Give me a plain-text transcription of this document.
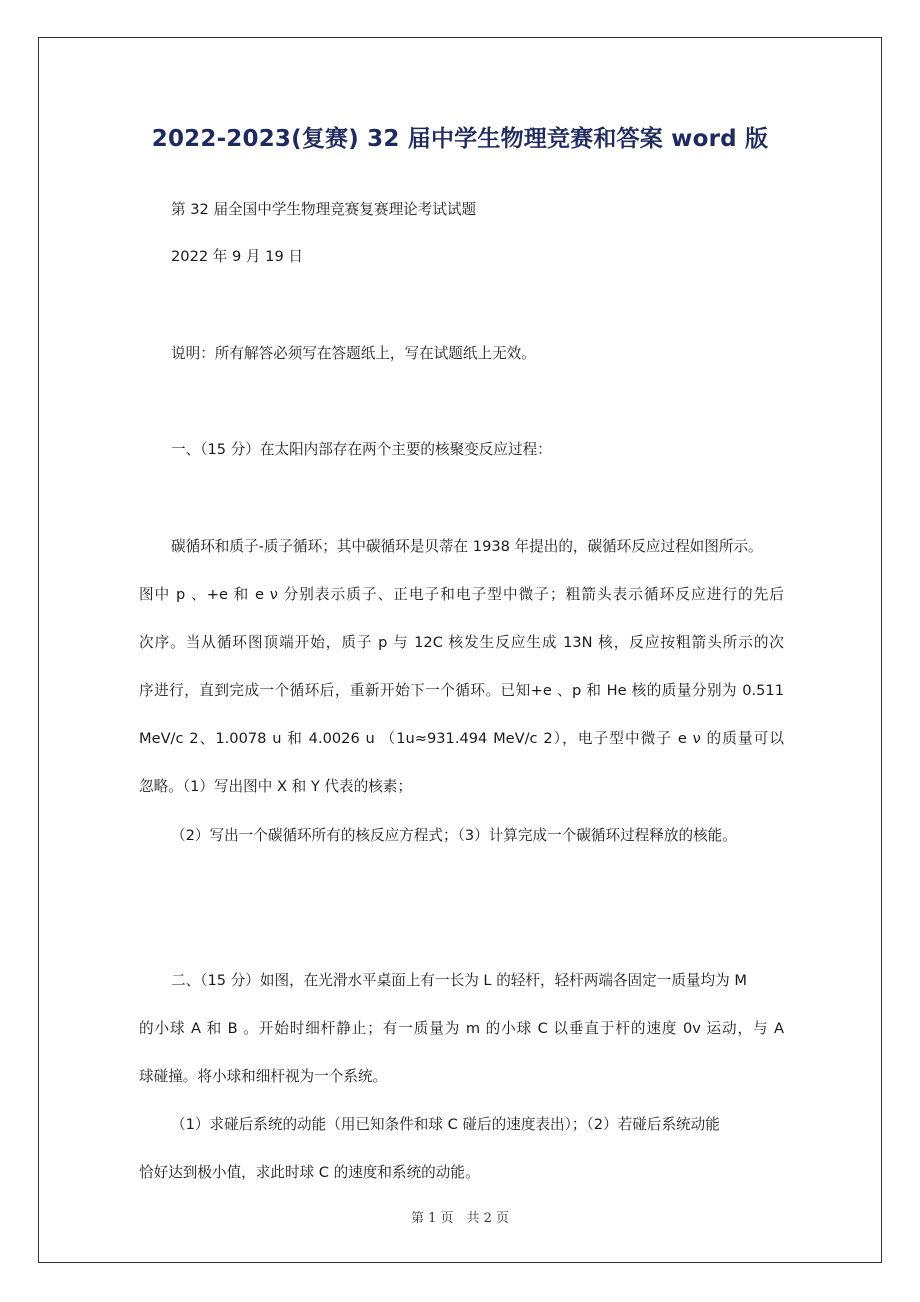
2022-2023(复赛) 32 届中学生物理竞赛和答案 word 版
第 32 届全国中学生物理竞赛复赛理论考试试题
2022 年 9 月 19 日
说明：所有解答必须写在答题纸上，写在试题纸上无效。
一、（15 分）在太阳内部存在两个主要的核聚变反应过程：
碳循环和质子-质子循环；其中碳循环是贝蒂在 1938 年提出的，碳循环反应过程如图所示。
图中 p 、+e 和 e ν 分别表示质子、正电子和电子型中微子；粗箭头表示循环反应进行的先后
次序。当从循环图顶端开始，质子 p 与 12C 核发生反应生成 13N 核，反应按粗箭头所示的次
序进行，直到完成一个循环后，重新开始下一个循环。已知+e 、p 和 He 核的质量分别为 0.511
MeV/c 2、1.0078 u 和 4.0026 u （1u≈931.494 MeV/c 2），电子型中微子 e ν 的质量可以
忽略。（1）写出图中 X 和 Y 代表的核素；
（2）写出一个碳循环所有的核反应方程式；（3）计算完成一个碳循环过程释放的核能。
二、（15 分）如图，在光滑水平桌面上有一长为 L 的轻杆，轻杆两端各固定一质量均为 M
的小球 A 和 B 。开始时细杆静止；有一质量为 m 的小球 C 以垂直于杆的速度 0v 运动，与 A
球碰撞。将小球和细杆视为一个系统。
（1）求碰后系统的动能（用已知条件和球 C 碰后的速度表出）；（2）若碰后系统动能
恰好达到极小值，求此时球 C 的速度和系统的动能。
第 1 页　共 2 页
